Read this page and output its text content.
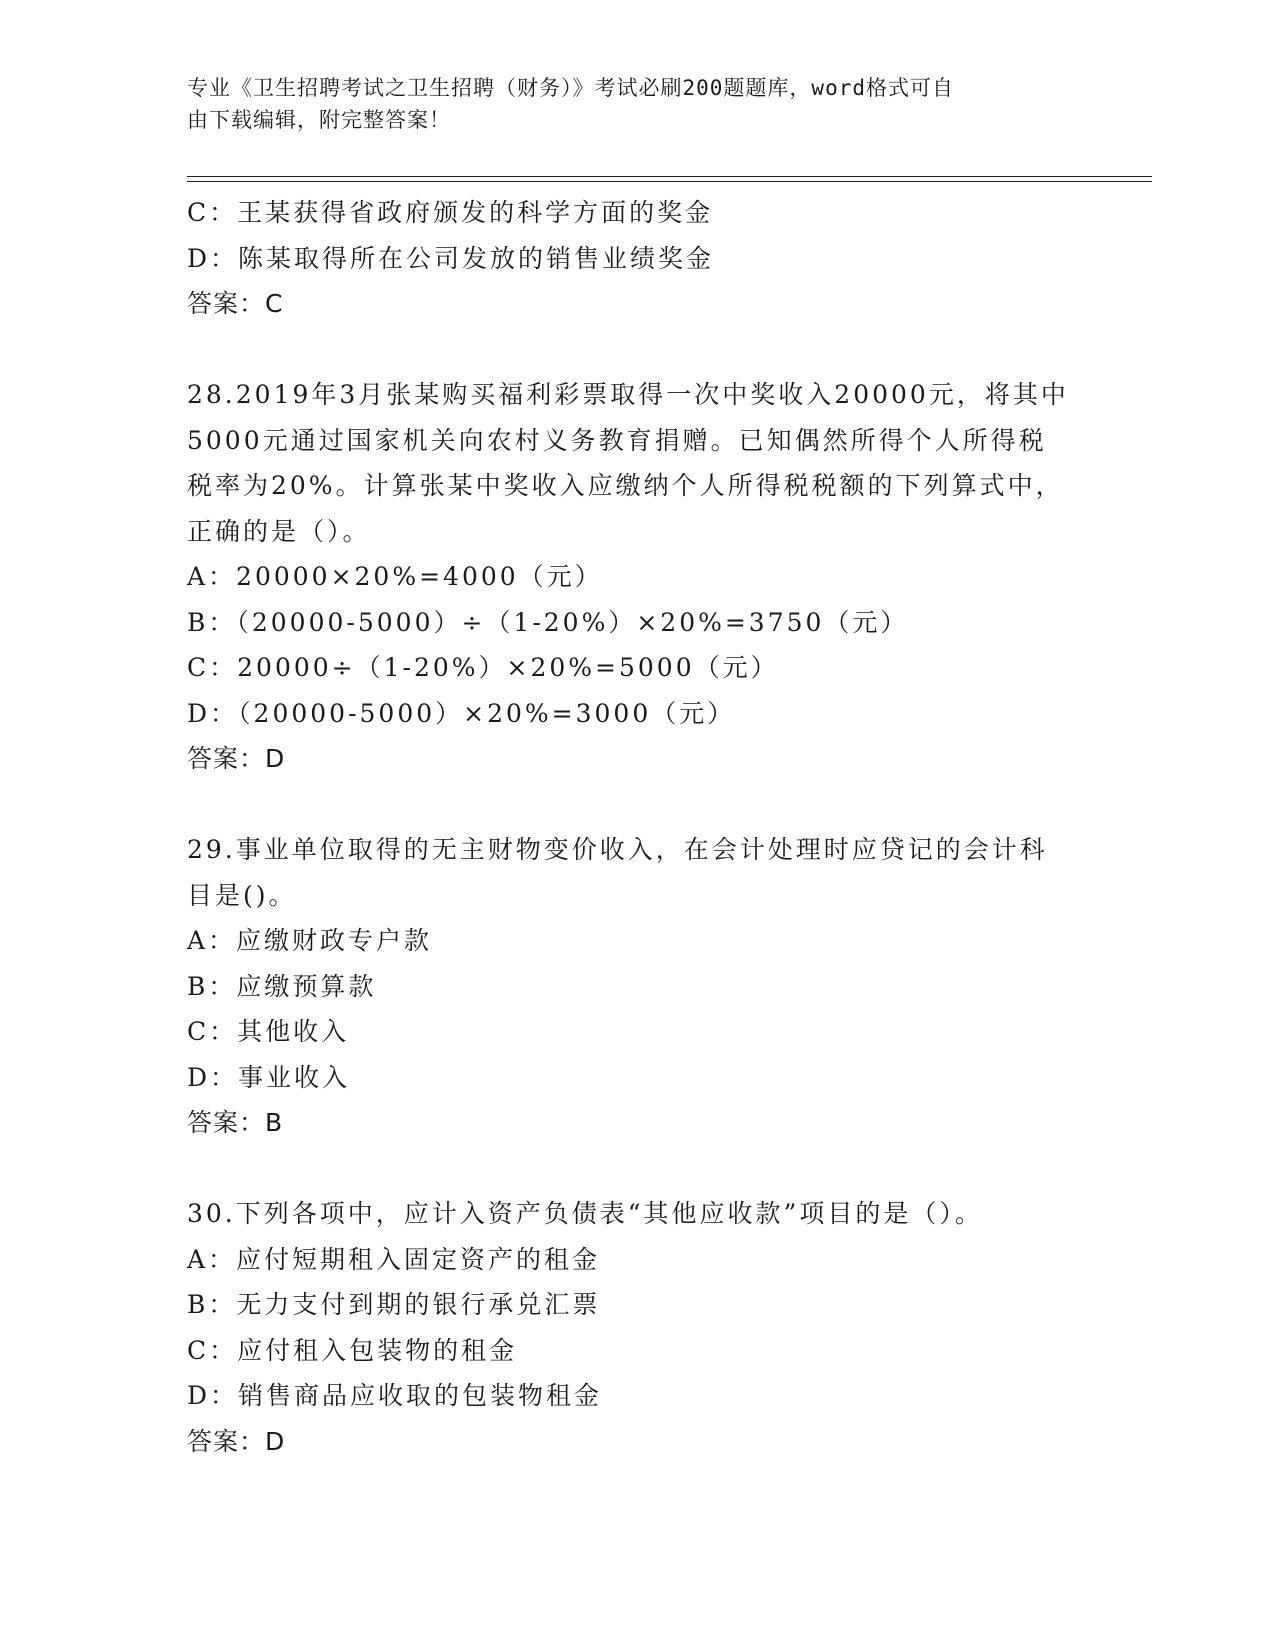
专业《卫生招聘考试之卫生招聘（财务）》考试必刷200题题库，word格式可自
由下载编辑，附完整答案！
C：王某获得省政府颁发的科学方面的奖金
D：陈某取得所在公司发放的销售业绩奖金
答案：C
28.2019年3月张某购买福利彩票取得一次中奖收入20000元，将其中
5000元通过国家机关向农村义务教育捐赠。已知偶然所得个人所得税
税率为20%。计算张某中奖收入应缴纳个人所得税税额的下列算式中，
正确的是（）。
A：20000×20%=4000（元）
B：（20000-5000）÷（1-20%）×20%=3750（元）
C：20000÷（1-20%）×20%=5000（元）
D：（20000-5000）×20%=3000（元）
答案：D
29.事业单位取得的无主财物变价收入，在会计处理时应贷记的会计科
目是()。
A：应缴财政专户款
B：应缴预算款
C：其他收入
D：事业收入
答案：B
30.下列各项中，应计入资产负债表“其他应收款”项目的是（）。
A：应付短期租入固定资产的租金
B：无力支付到期的银行承兑汇票
C：应付租入包装物的租金
D：销售商品应收取的包装物租金
答案：D
